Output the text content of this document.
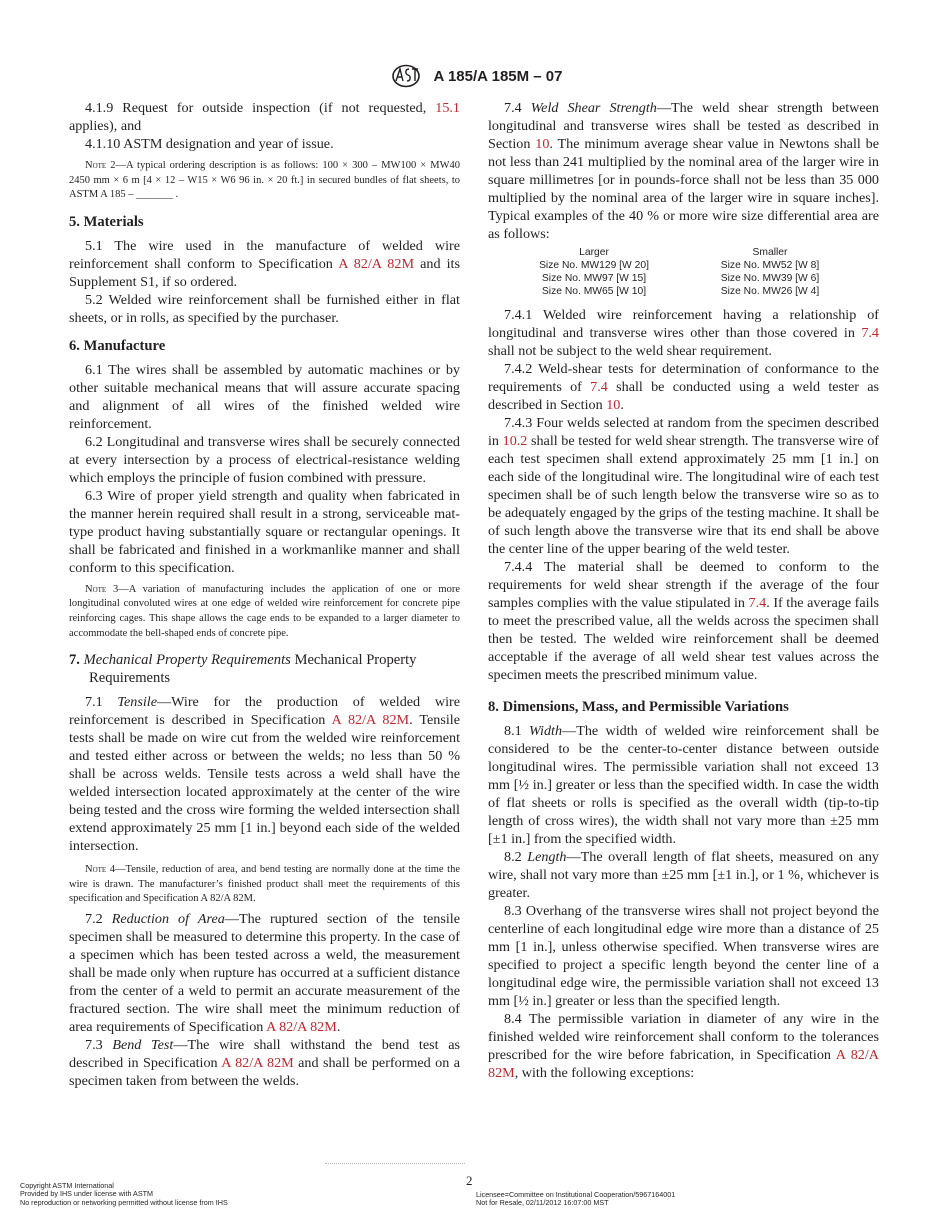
A 185/A 185M – 07

4.1.9 Request for outside inspection (if not requested, 15.1 applies), and

4.1.10 ASTM designation and year of issue.

Note 2—A typical ordering description is as follows: 100 × 300 – MW100 × MW40 2450 mm × 6 m [4 × 12 – W15 × W6 96 in. × 20 ft.] in secured bundles of flat sheets, to ASTM A 185 – _______ .

5. Materials

5.1 The wire used in the manufacture of welded wire reinforcement shall conform to Specification A 82/A 82M and its Supplement S1, if so ordered.

5.2 Welded wire reinforcement shall be furnished either in flat sheets, or in rolls, as specified by the purchaser.

6. Manufacture

6.1 The wires shall be assembled by automatic machines or by other suitable mechanical means that will assure accurate spacing and alignment of all wires of the finished welded wire reinforcement.

6.2 Longitudinal and transverse wires shall be securely connected at every intersection by a process of electrical-resistance welding which employs the principle of fusion combined with pressure.

6.3 Wire of proper yield strength and quality when fabricated in the manner herein required shall result in a strong, serviceable mat-type product having substantially square or rectangular openings. It shall be fabricated and finished in a workmanlike manner and shall conform to this specification.

Note 3—A variation of manufacturing includes the application of one or more longitudinal convoluted wires at one edge of welded wire reinforcement for concrete pipe reinforcing cages. This shape allows the cage ends to be expanded to a larger diameter to accommodate the bell-shaped ends of concrete pipe.

7. Mechanical Property Requirements Mechanical Property Requirements

7.1 Tensile—Wire for the production of welded wire reinforcement is described in Specification A 82/A 82M. Tensile tests shall be made on wire cut from the welded wire reinforcement and tested either across or between the welds; no less than 50 % shall be across welds. Tensile tests across a weld shall have the welded intersection located approximately at the center of the wire being tested and the cross wire forming the welded intersection shall extend approximately 25 mm [1 in.] beyond each side of the welded intersection.

Note 4—Tensile, reduction of area, and bend testing are normally done at the time the wire is drawn. The manufacturer’s finished product shall meet the requirements of this specification and Specification A 82/A 82M.

7.2 Reduction of Area—The ruptured section of the tensile specimen shall be measured to determine this property. In the case of a specimen which has been tested across a weld, the measurement shall be made only when rupture has occurred at a sufficient distance from the center of a weld to permit an accurate measurement of the fractured section. The wire shall meet the minimum reduction of area requirements of Specification A 82/A 82M.

7.3 Bend Test—The wire shall withstand the bend test as described in Specification A 82/A 82M and shall be performed on a specimen taken from between the welds.

7.4 Weld Shear Strength—The weld shear strength between longitudinal and transverse wires shall be tested as described in Section 10. The minimum average shear value in Newtons shall be not less than 241 multiplied by the nominal area of the larger wire in square millimetres [or in pounds-force shall not be less than 35 000 multiplied by the nominal area of the larger wire in square inches]. Typical examples of the 40 % or more wire size differential area are as follows:

Larger	Smaller
Size No. MW129 [W 20]	Size No. MW52 [W 8]
Size No. MW97 [W 15]	Size No. MW39 [W 6]
Size No. MW65 [W 10]	Size No. MW26 [W 4]

7.4.1 Welded wire reinforcement having a relationship of longitudinal and transverse wires other than those covered in 7.4 shall not be subject to the weld shear requirement.

7.4.2 Weld-shear tests for determination of conformance to the requirements of 7.4 shall be conducted using a weld tester as described in Section 10.

7.4.3 Four welds selected at random from the specimen described in 10.2 shall be tested for weld shear strength. The transverse wire of each test specimen shall extend approximately 25 mm [1 in.] on each side of the longitudinal wire. The longitudinal wire of each test specimen shall be of such length below the transverse wire so as to be adequately engaged by the grips of the testing machine. It shall be of such length above the transverse wire that its end shall be above the center line of the upper bearing of the weld tester.

7.4.4 The material shall be deemed to conform to the requirements for weld shear strength if the average of the four samples complies with the value stipulated in 7.4. If the average fails to meet the prescribed value, all the welds across the specimen shall then be tested. The welded wire reinforcement shall be deemed acceptable if the average of all weld shear test values across the specimen meets the prescribed minimum value.

8. Dimensions, Mass, and Permissible Variations

8.1 Width—The width of welded wire reinforcement shall be considered to be the center-to-center distance between outside longitudinal wires. The permissible variation shall not exceed 13 mm [½ in.] greater or less than the specified width. In case the width of flat sheets or rolls is specified as the overall width (tip-to-tip length of cross wires), the width shall not vary more than ±25 mm [±1 in.] from the specified width.

8.2 Length—The overall length of flat sheets, measured on any wire, shall not vary more than ±25 mm [±1 in.], or 1 %, whichever is greater.

8.3 Overhang of the transverse wires shall not project beyond the centerline of each longitudinal edge wire more than a distance of 25 mm [1 in.], unless otherwise specified. When transverse wires are specified to project a specific length beyond the center line of a longitudinal edge wire, the permissible variation shall not exceed 13 mm [½ in.] greater or less than the specified length.

8.4 The permissible variation in diameter of any wire in the finished welded wire reinforcement shall conform to the tolerances prescribed for the wire before fabrication, in Specification A 82/A 82M, with the following exceptions:

2
Copyright ASTM International
Provided by IHS under license with ASTM
No reproduction or networking permitted without license from IHS
Licensee=Committee on Institutional Cooperation/5967164001
Not for Resale, 02/11/2012 16:07:00 MST
